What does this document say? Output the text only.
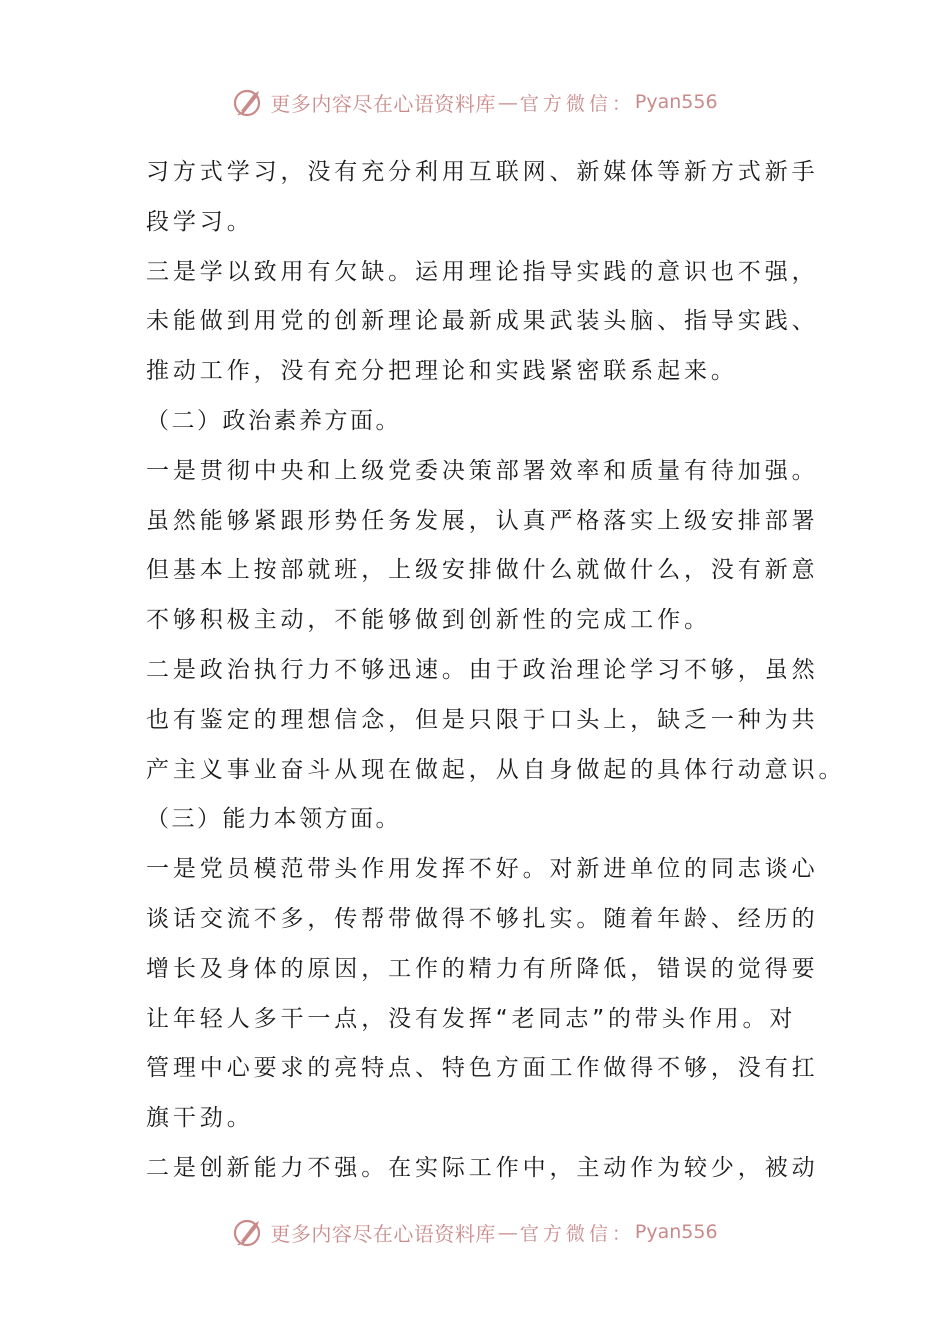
更多内容尽在心语资料库 — 官方微信： Pyan556
习方式学习，没有充分利用互联网、新媒体等新方式新手
段学习。
三是学以致用有欠缺。运用理论指导实践的意识也不强，
未能做到用党的创新理论最新成果武装头脑、指导实践、
推动工作，没有充分把理论和实践紧密联系起来。
（二）政治素养方面。
一是贯彻中央和上级党委决策部署效率和质量有待加强。
虽然能够紧跟形势任务发展，认真严格落实上级安排部署
但基本上按部就班，上级安排做什么就做什么，没有新意
不够积极主动，不能够做到创新性的完成工作。
二是政治执行力不够迅速。由于政治理论学习不够，虽然
也有鉴定的理想信念，但是只限于口头上，缺乏一种为共
产主义事业奋斗从现在做起，从自身做起的具体行动意识。
（三）能力本领方面。
一是党员模范带头作用发挥不好。对新进单位的同志谈心
谈话交流不多，传帮带做得不够扎实。随着年龄、经历的
增长及身体的原因，工作的精力有所降低，错误的觉得要
让年轻人多干一点，没有发挥“老同志”的带头作用。对
管理中心要求的亮特点、特色方面工作做得不够，没有扛
旗干劲。
二是创新能力不强。在实际工作中，主动作为较少，被动
更多内容尽在心语资料库 — 官方微信： Pyan556
